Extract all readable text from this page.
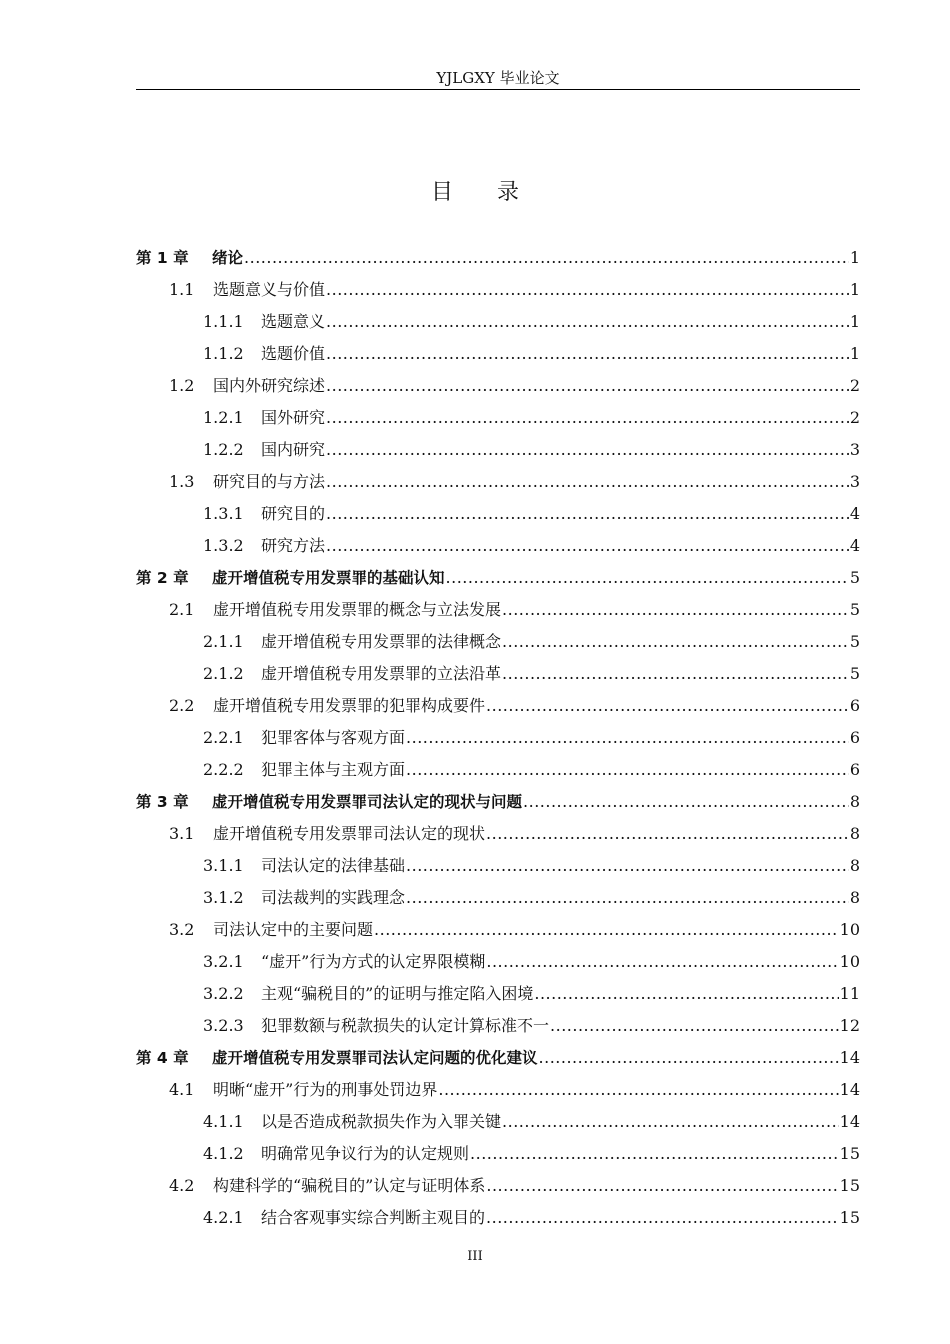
YJLGXY 毕业论文
目 录
第 1 章	绪论 .....	1
1.1	选题意义与价值 .....	1
1.1.1	选题意义 .....	1
1.1.2	选题价值 .....	1
1.2	国内外研究综述 .....	2
1.2.1	国外研究 .....	2
1.2.2	国内研究 .....	3
1.3	研究目的与方法 .....	3
1.3.1	研究目的 .....	4
1.3.2	研究方法 .....	4
第 2 章	虚开增值税专用发票罪的基础认知 .....	5
2.1	虚开增值税专用发票罪的概念与立法发展 .....	5
2.1.1	虚开增值税专用发票罪的法律概念 .....	5
2.1.2	虚开增值税专用发票罪的立法沿革 .....	5
2.2	虚开增值税专用发票罪的犯罪构成要件 .....	6
2.2.1	犯罪客体与客观方面 .....	6
2.2.2	犯罪主体与主观方面 .....	6
第 3 章	虚开增值税专用发票罪司法认定的现状与问题 .....	8
3.1	虚开增值税专用发票罪司法认定的现状 .....	8
3.1.1	司法认定的法律基础 .....	8
3.1.2	司法裁判的实践理念 .....	8
3.2	司法认定中的主要问题 .....	10
3.2.1	“虚开”行为方式的认定界限模糊 .....	10
3.2.2	主观“骗税目的”的证明与推定陷入困境 .....	11
3.2.3	犯罪数额与税款损失的认定计算标准不一 .....	12
第 4 章	虚开增值税专用发票罪司法认定问题的优化建议 .....	14
4.1	明晰“虚开”行为的刑事处罚边界 .....	14
4.1.1	以是否造成税款损失作为入罪关键 .....	14
4.1.2	明确常见争议行为的认定规则 .....	15
4.2	构建科学的“骗税目的”认定与证明体系 .....	15
4.2.1	结合客观事实综合判断主观目的 .....	15
III
